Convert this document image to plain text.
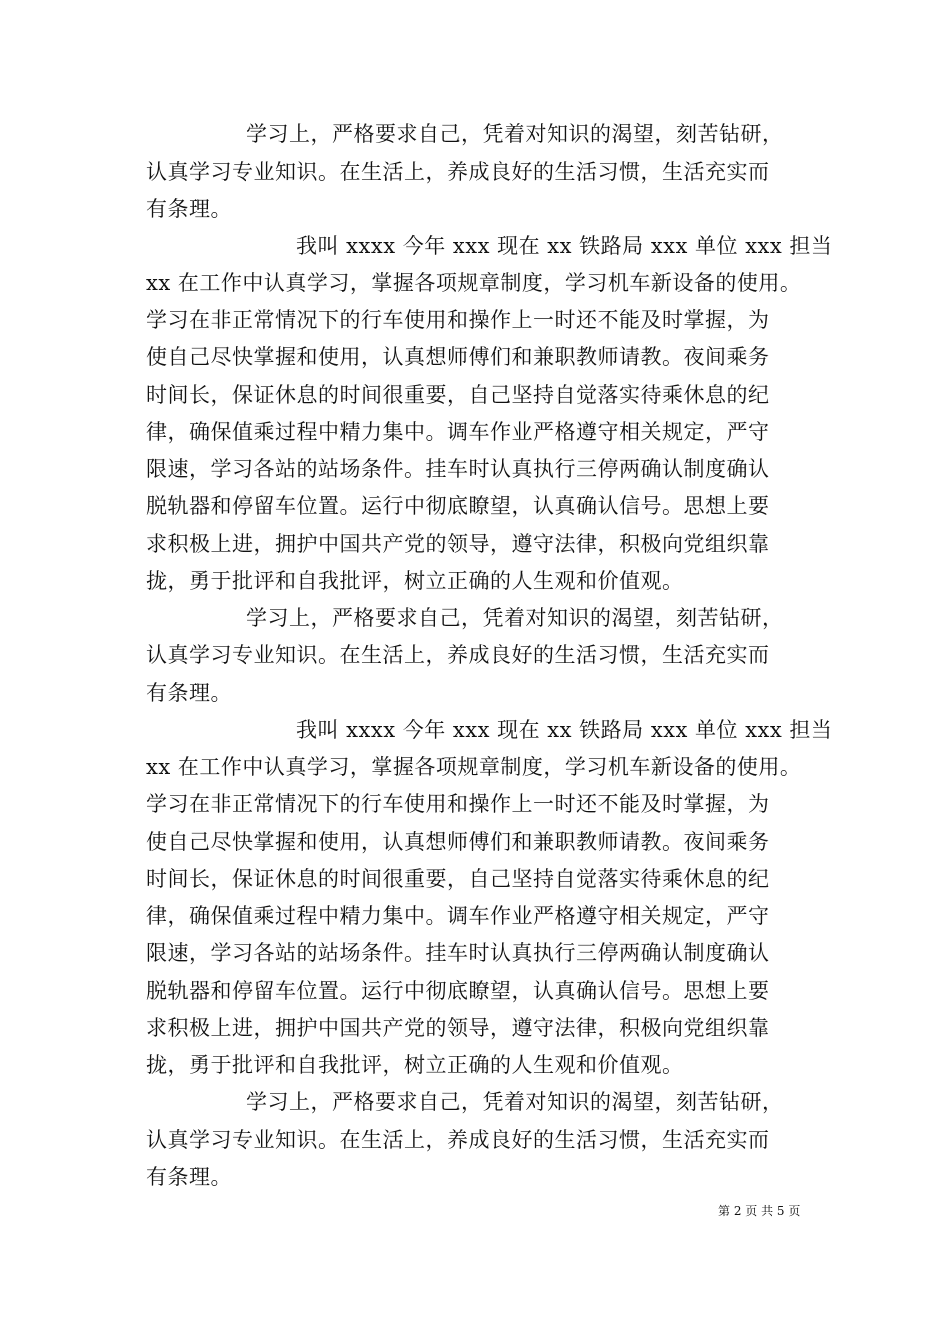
学习上，严格要求自己，凭着对知识的渴望，刻苦钻研，
认真学习专业知识。在生活上，养成良好的生活习惯，生活充实而
有条理。
我叫 xxxx 今年 xxx 现在 xx 铁路局 xxx 单位 xxx 担当
xx 在工作中认真学习，掌握各项规章制度，学习机车新设备的使用。
学习在非正常情况下的行车使用和操作上一时还不能及时掌握，为
使自己尽快掌握和使用，认真想师傅们和兼职教师请教。夜间乘务
时间长，保证休息的时间很重要，自己坚持自觉落实待乘休息的纪
律，确保值乘过程中精力集中。调车作业严格遵守相关规定，严守
限速，学习各站的站场条件。挂车时认真执行三停两确认制度确认
脱轨器和停留车位置。运行中彻底瞭望，认真确认信号。思想上要
求积极上进，拥护中国共产党的领导，遵守法律，积极向党组织靠
拢，勇于批评和自我批评，树立正确的人生观和价值观。
学习上，严格要求自己，凭着对知识的渴望，刻苦钻研，
认真学习专业知识。在生活上，养成良好的生活习惯，生活充实而
有条理。
我叫 xxxx 今年 xxx 现在 xx 铁路局 xxx 单位 xxx 担当
xx 在工作中认真学习，掌握各项规章制度，学习机车新设备的使用。
学习在非正常情况下的行车使用和操作上一时还不能及时掌握，为
使自己尽快掌握和使用，认真想师傅们和兼职教师请教。夜间乘务
时间长，保证休息的时间很重要，自己坚持自觉落实待乘休息的纪
律，确保值乘过程中精力集中。调车作业严格遵守相关规定，严守
限速，学习各站的站场条件。挂车时认真执行三停两确认制度确认
脱轨器和停留车位置。运行中彻底瞭望，认真确认信号。思想上要
求积极上进，拥护中国共产党的领导，遵守法律，积极向党组织靠
拢，勇于批评和自我批评，树立正确的人生观和价值观。
学习上，严格要求自己，凭着对知识的渴望，刻苦钻研，
认真学习专业知识。在生活上，养成良好的生活习惯，生活充实而
有条理。
第 2 页 共 5 页
